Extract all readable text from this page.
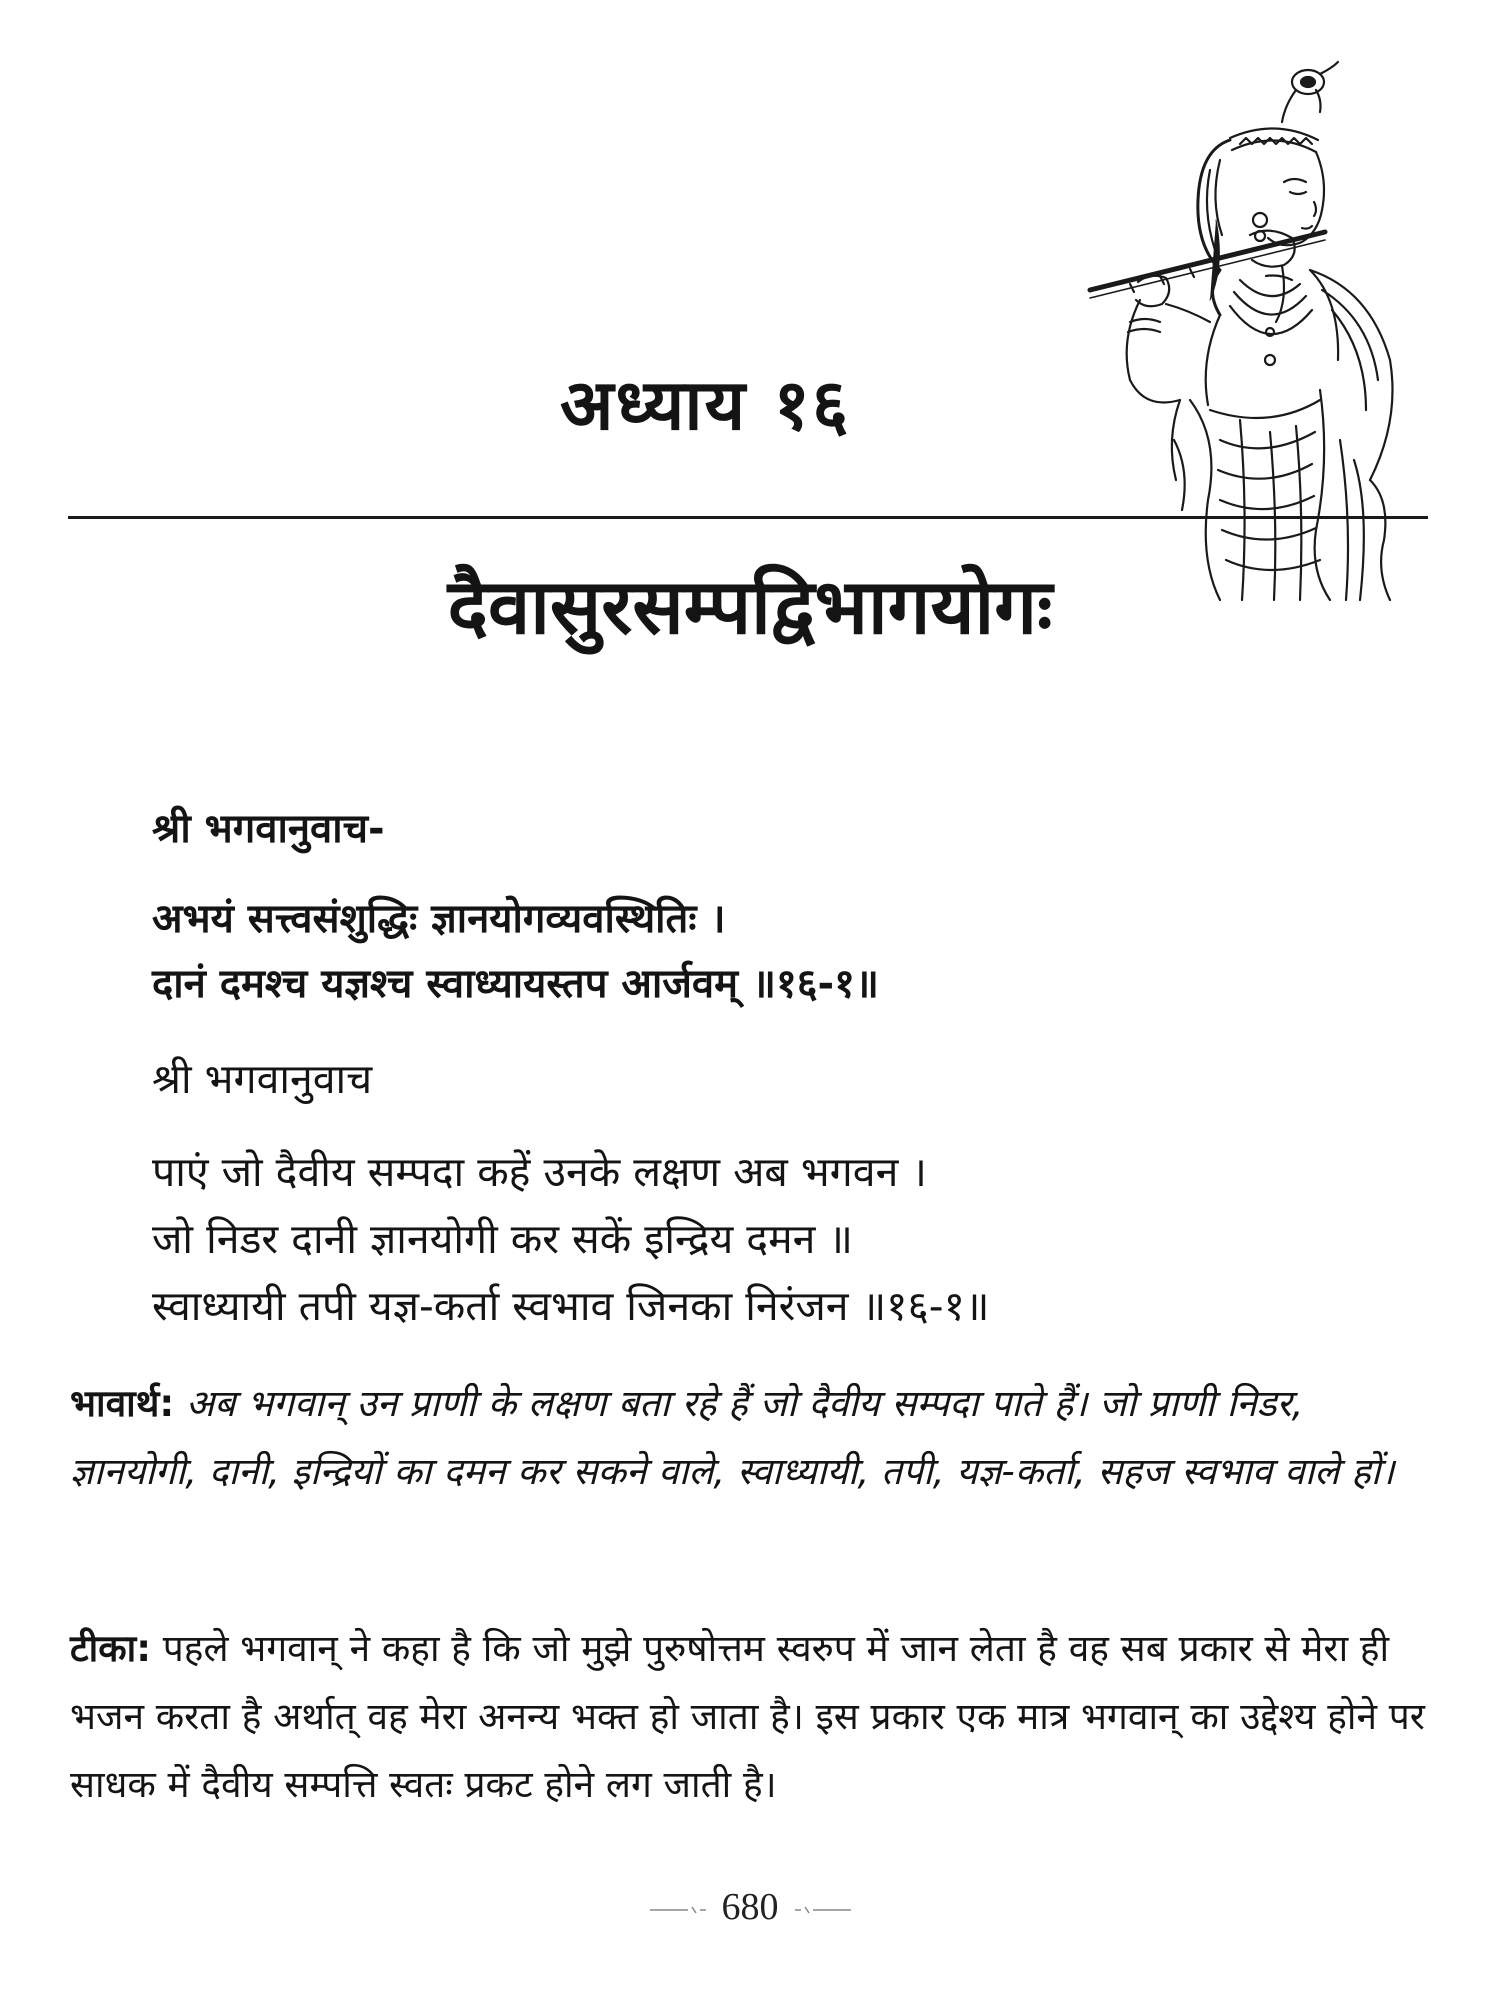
अध्याय १६
दैवासुरसम्पद्विभागयोगः
श्री भगवानुवाच-
अभयं सत्त्वसंशुद्धिः ज्ञानयोगव्यवस्थितिः ।
दानं दमश्च यज्ञश्च स्वाध्यायस्तप आर्जवम् ॥१६-१॥
श्री भगवानुवाच
पाएं जो दैवीय सम्पदा कहें उनके लक्षण अब भगवन ।
जो निडर दानी ज्ञानयोगी कर सकें इन्द्रिय दमन ॥
स्वाध्यायी तपी यज्ञ-कर्ता स्वभाव जिनका निरंजन ॥१६-१॥
भावार्थ: अब भगवान् उन प्राणी के लक्षण बता रहे हैं जो दैवीय सम्पदा पाते हैं। जो प्राणी निडर, ज्ञानयोगी, दानी, इन्द्रियों का दमन कर सकने वाले, स्वाध्यायी, तपी, यज्ञ-कर्ता, सहज स्वभाव वाले हों।
टीका: पहले भगवान् ने कहा है कि जो मुझे पुरुषोत्तम स्वरुप में जान लेता है वह सब प्रकार से मेरा ही भजन करता है अर्थात् वह मेरा अनन्य भक्त हो जाता है। इस प्रकार एक मात्र भगवान् का उद्देश्य होने पर साधक में दैवीय सम्पत्ति स्वतः प्रकट होने लग जाती है।
680
